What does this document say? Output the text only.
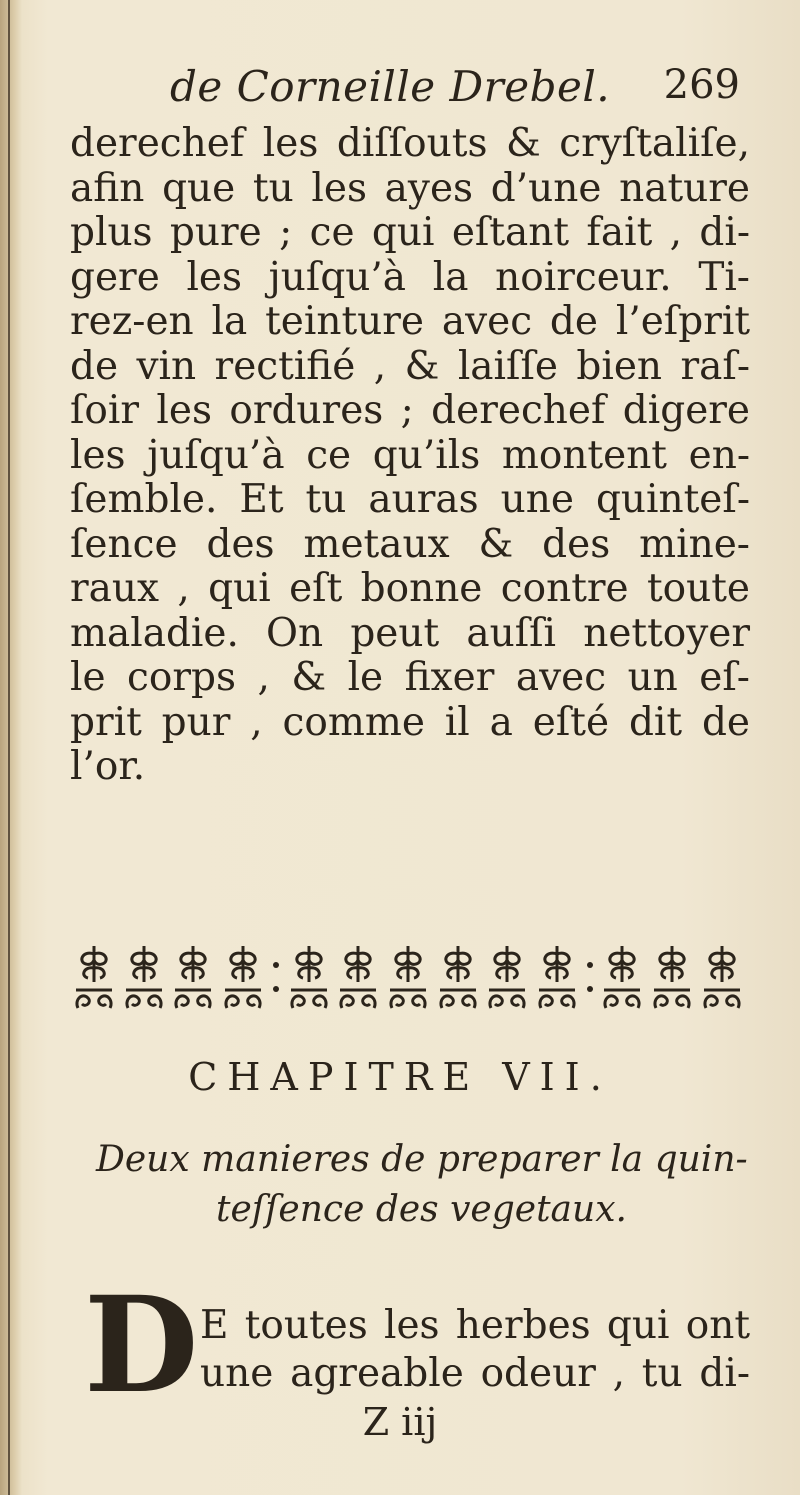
de Corneille Drebel. 269
derechef les diſſouts & cryſtaliſe,
afin que tu les ayes d’une nature
plus pure ; ce qui eſtant fait , di-
gere les juſqu’à la noirceur. Ti-
rez-en la teinture avec de l’eſprit
de vin rectifié , & laiſſe bien raſ-
ſoir les ordures ; derechef digere
les juſqu’à ce qu’ils montent en-
ſemble. Et tu auras une quinteſ-
ſence des metaux & des mine-
raux , qui eſt bonne contre toute
maladie. On peut auſſi nettoyer
le corps , & le fixer avec un eſ-
prit pur , comme il a eſté dit de
l’or.
CHAPITRE VII.
Deux manieres de preparer la quin-
teſſence des vegetaux.
D E toutes les herbes qui ont
une agreable odeur , tu di-
Z iij
